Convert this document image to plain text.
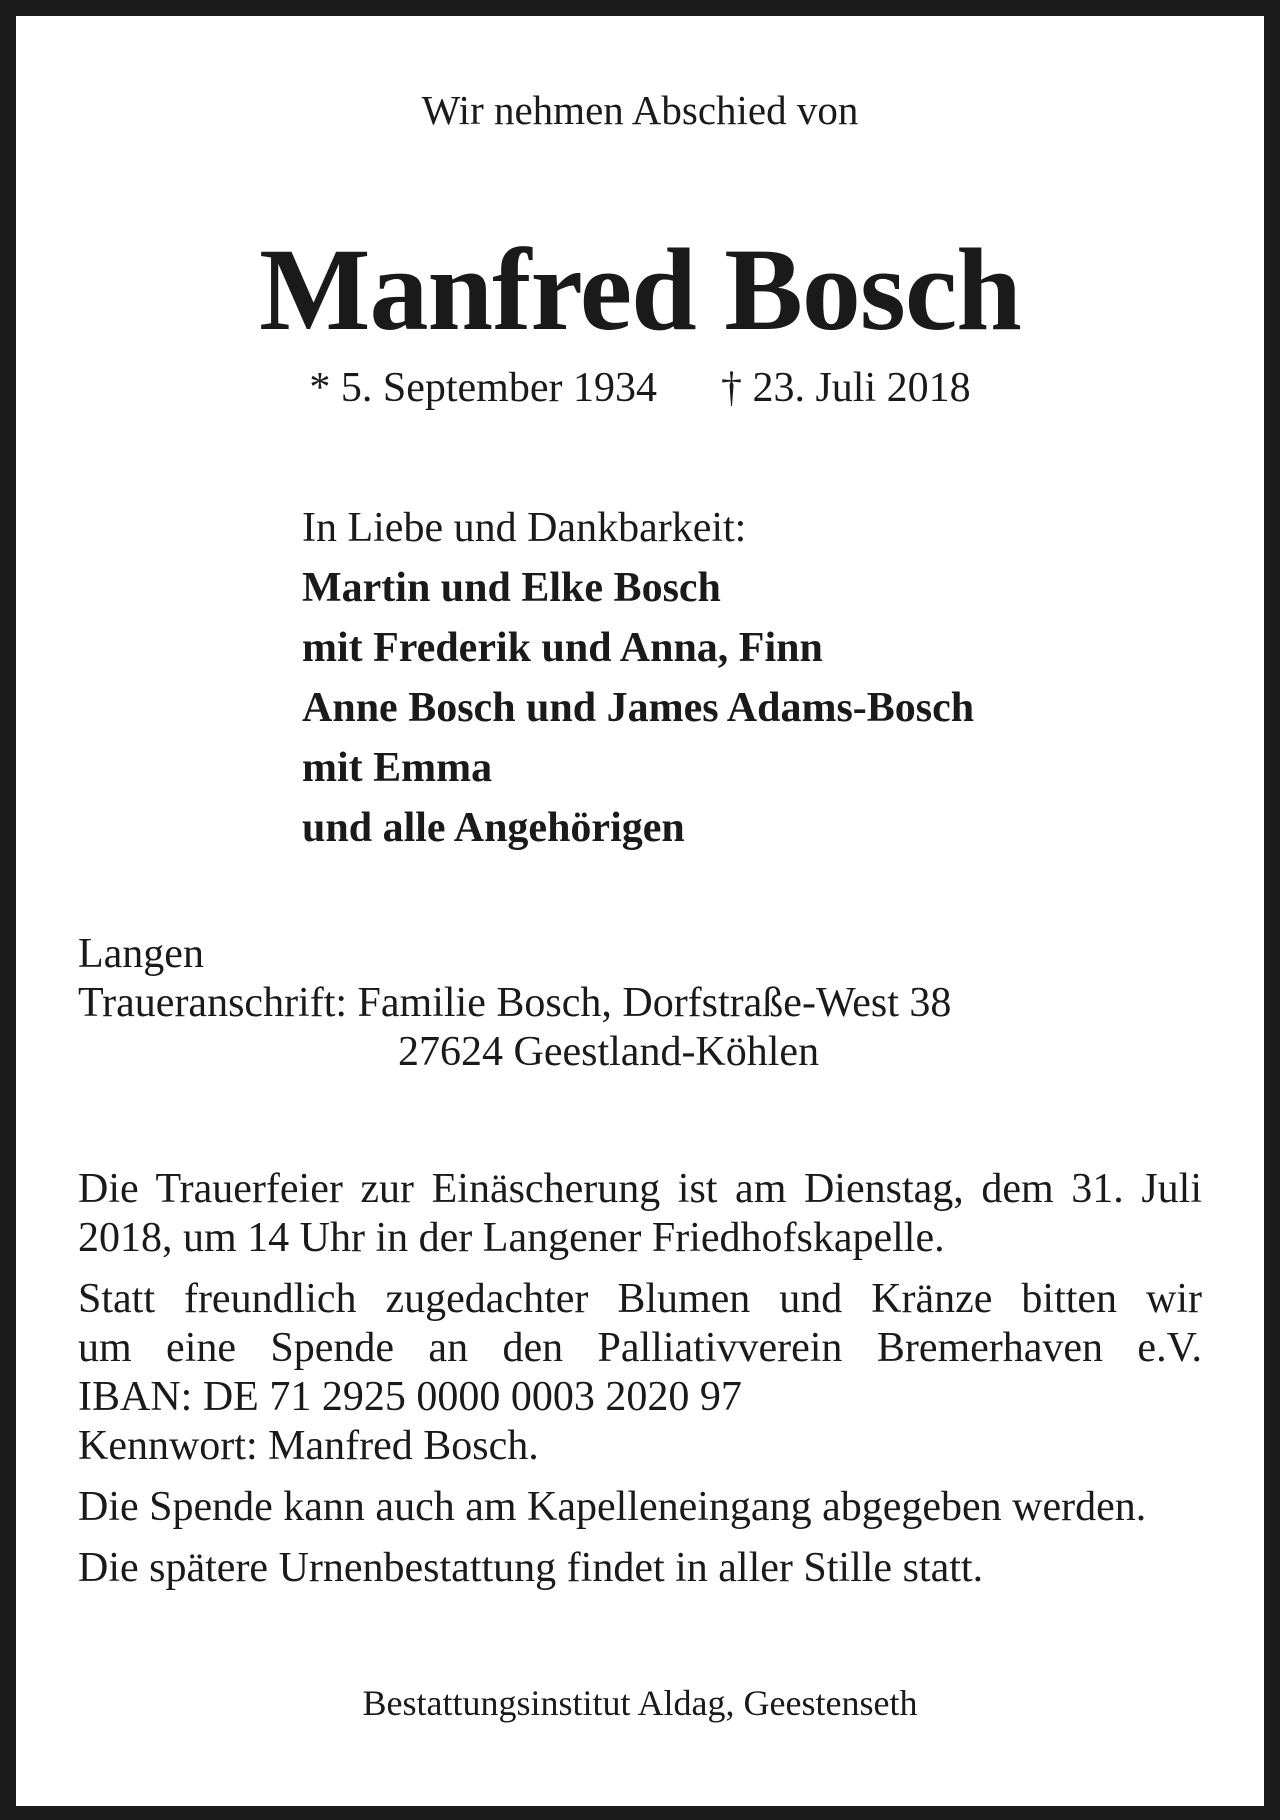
Wir nehmen Abschied von
Manfred Bosch
* 5. September 1934 † 23. Juli 2018
In Liebe und Dankbarkeit:
Martin und Elke Bosch
mit Frederik und Anna, Finn
Anne Bosch und James Adams-Bosch
mit Emma
und alle Angehörigen
Langen
Traueranschrift: Familie Bosch, Dorfstraße-West 38
27624 Geestland-Köhlen
Die Trauerfeier zur Einäscherung ist am Dienstag, dem 31. Juli
2018, um 14 Uhr in der Langener Friedhofskapelle.
Statt freundlich zugedachter Blumen und Kränze bitten wir
um eine Spende an den Palliativverein Bremerhaven e.V.
IBAN: DE 71 2925 0000 0003 2020 97
Kennwort: Manfred Bosch.
Die Spende kann auch am Kapelleneingang abgegeben werden.
Die spätere Urnenbestattung findet in aller Stille statt.
Bestattungsinstitut Aldag, Geestenseth
